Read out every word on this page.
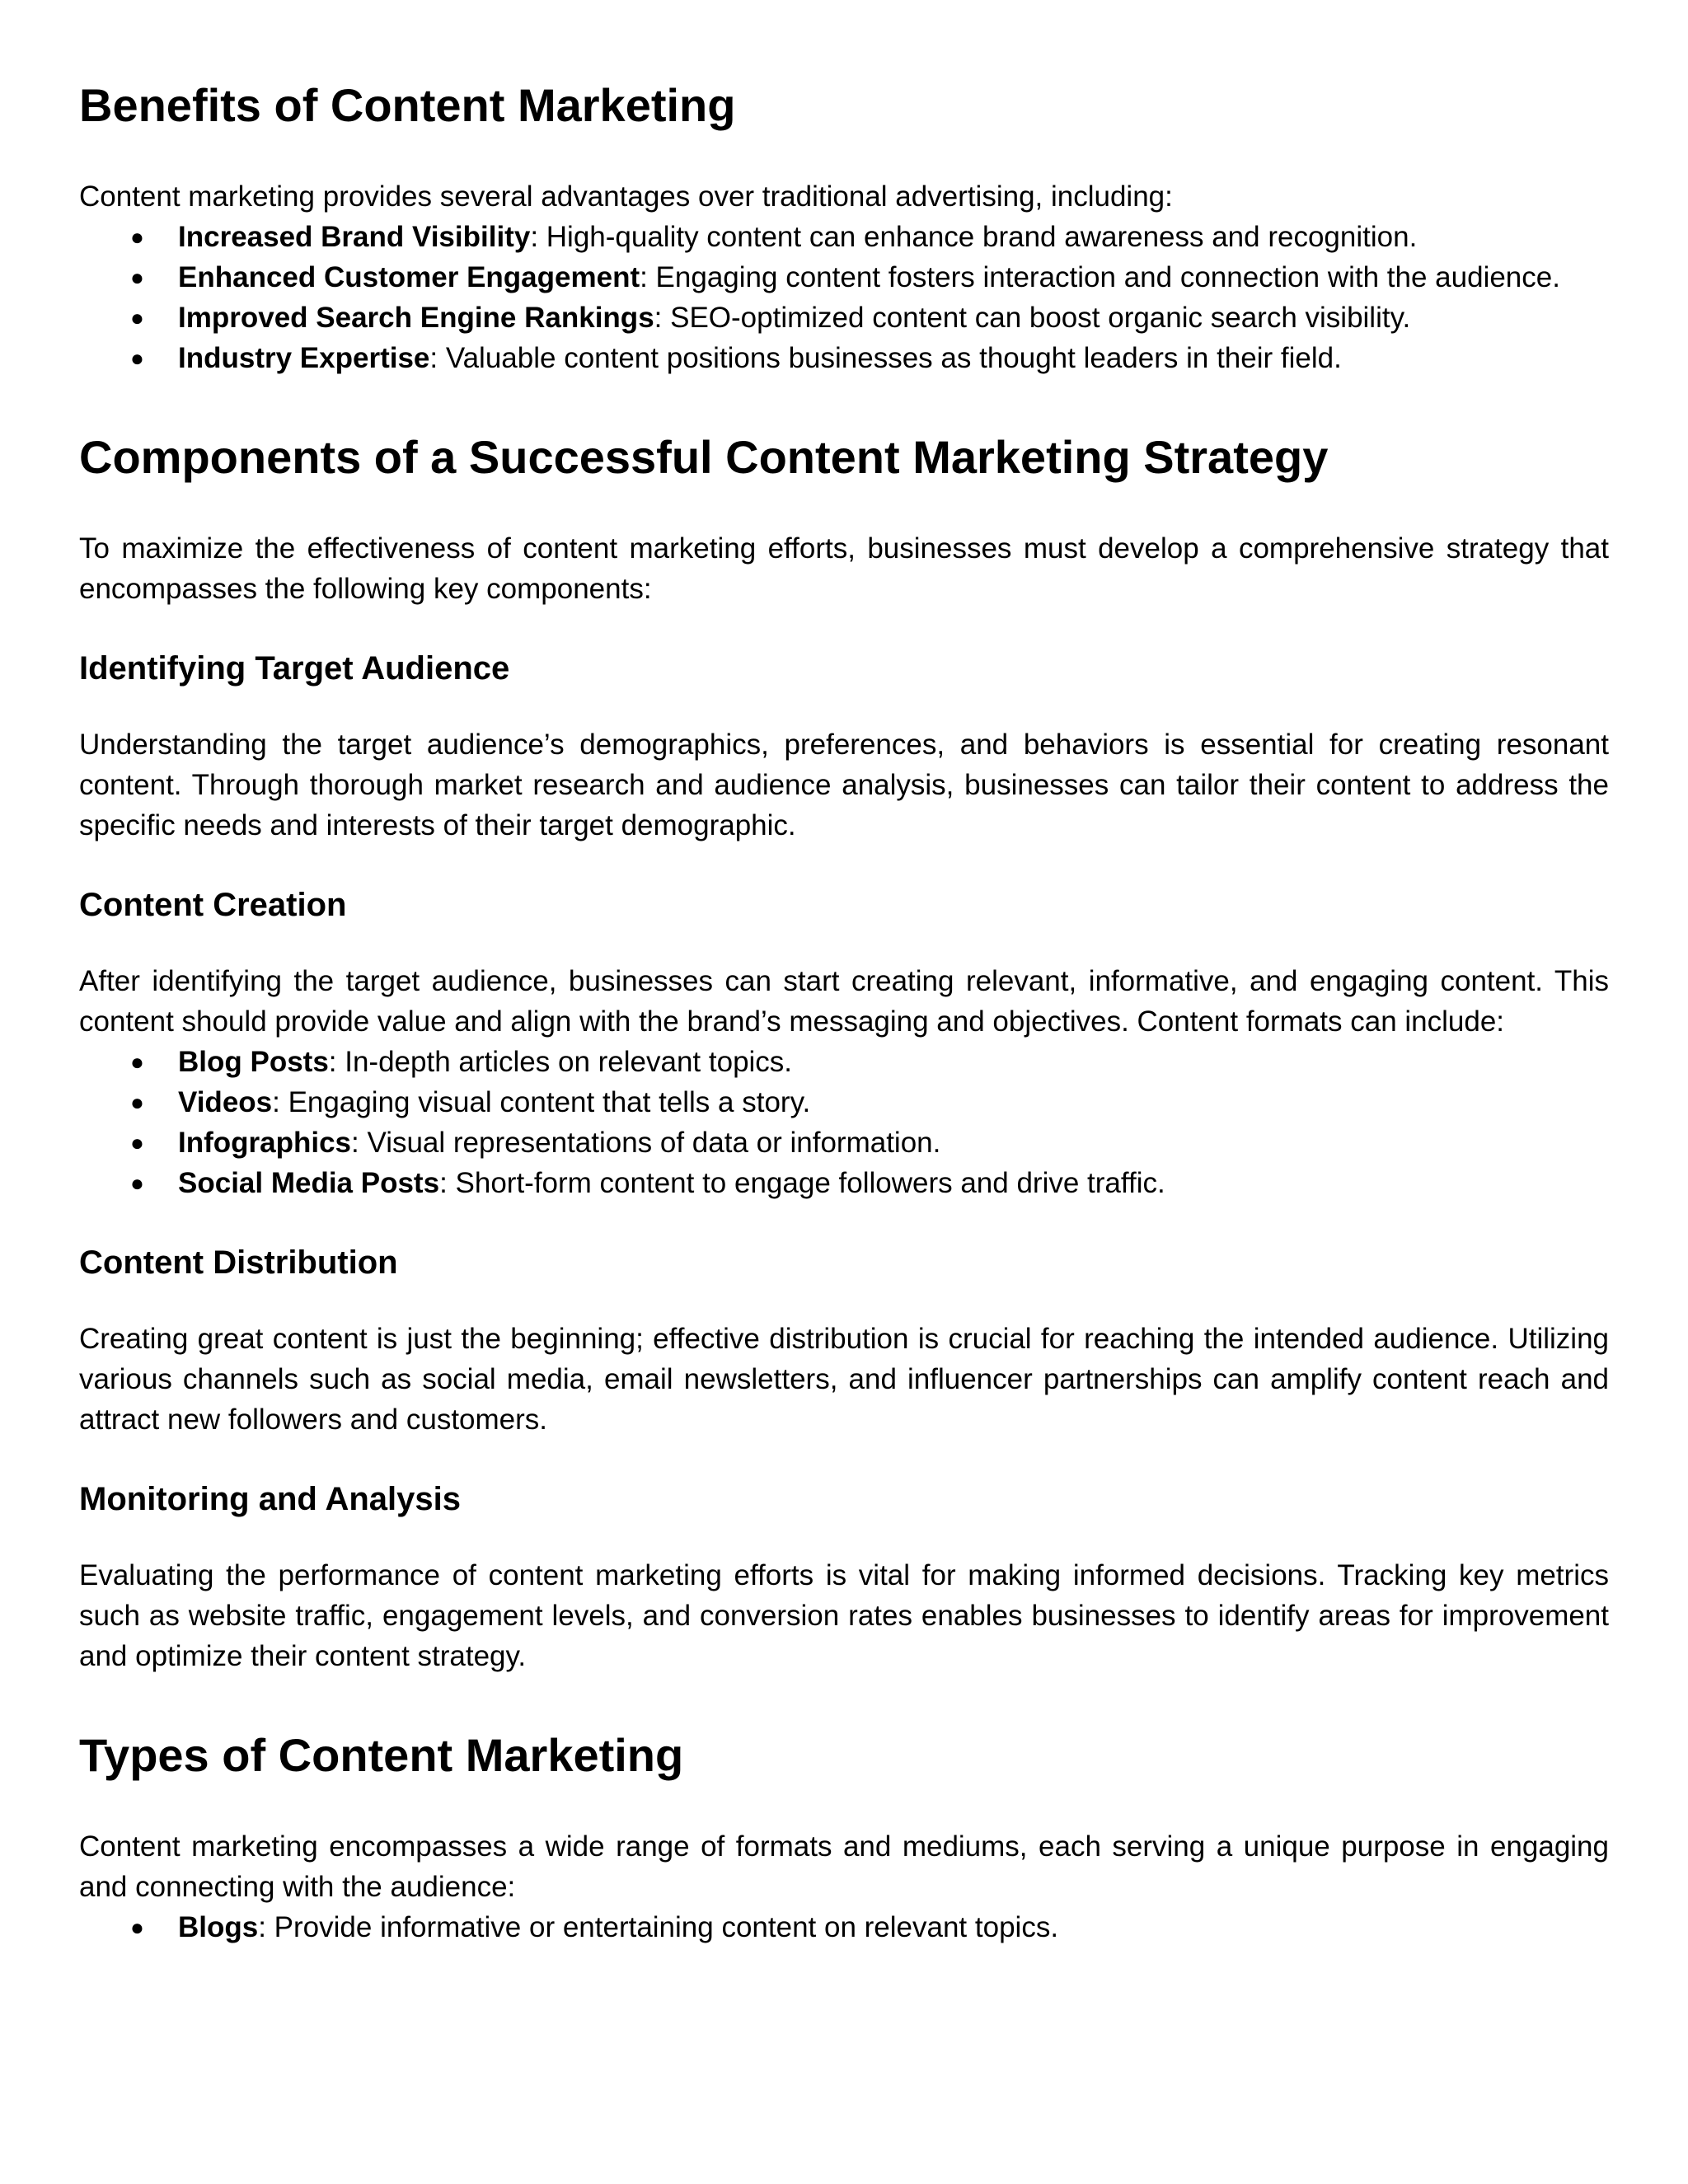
Benefits of Content Marketing

Content marketing provides several advantages over traditional advertising, including:

● Increased Brand Visibility: High-quality content can enhance brand awareness and recognition.
● Enhanced Customer Engagement: Engaging content fosters interaction and connection with the audience.
● Improved Search Engine Rankings: SEO-optimized content can boost organic search visibility.
● Industry Expertise: Valuable content positions businesses as thought leaders in their field.
Components of a Successful Content Marketing Strategy

To maximize the effectiveness of content marketing efforts, businesses must develop a comprehensive strategy that encompasses the following key components:

Identifying Target Audience

Understanding the target audience’s demographics, preferences, and behaviors is essential for creating resonant content. Through thorough market research and audience analysis, businesses can tailor their content to address the specific needs and interests of their target demographic.

Content Creation

After identifying the target audience, businesses can start creating relevant, informative, and engaging content. This content should provide value and align with the brand’s messaging and objectives. Content formats can include:

● Blog Posts: In-depth articles on relevant topics.
● Videos: Engaging visual content that tells a story.
● Infographics: Visual representations of data or information.
● Social Media Posts: Short-form content to engage followers and drive traffic.
Content Distribution

Creating great content is just the beginning; effective distribution is crucial for reaching the intended audience. Utilizing various channels such as social media, email newsletters, and influencer partnerships can amplify content reach and attract new followers and customers.

Monitoring and Analysis

Evaluating the performance of content marketing efforts is vital for making informed decisions. Tracking key metrics such as website traffic, engagement levels, and conversion rates enables businesses to identify areas for improvement and optimize their content strategy.

Types of Content Marketing

Content marketing encompasses a wide range of formats and mediums, each serving a unique purpose in engaging and connecting with the audience:

● Blogs: Provide informative or entertaining content on relevant topics.
